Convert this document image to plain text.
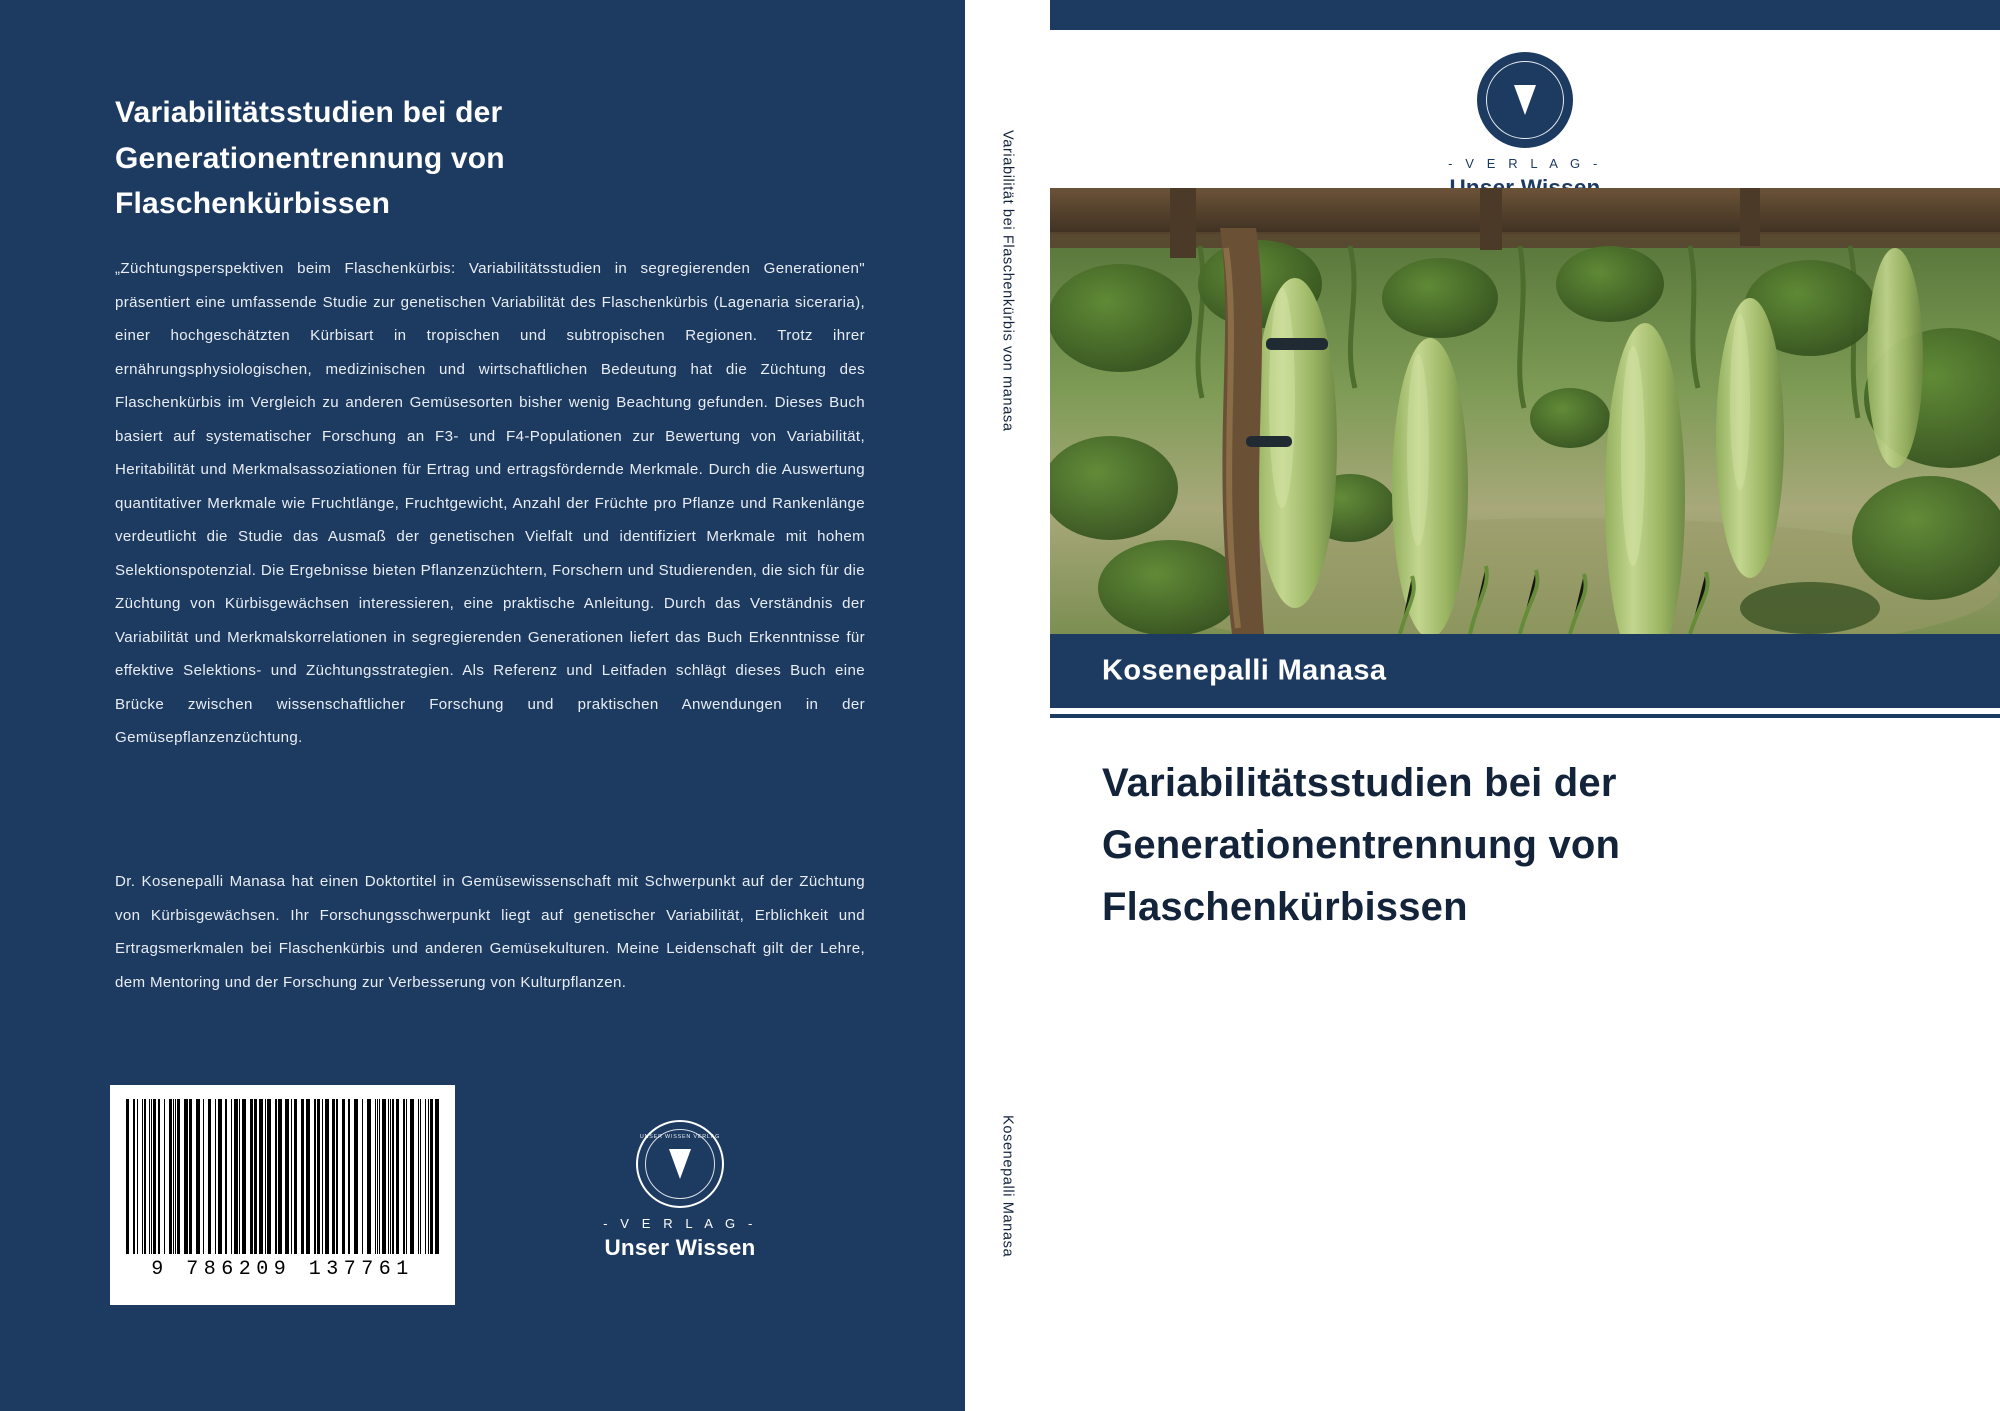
Variabilitätsstudien bei der Generationentrennung von Flaschenkürbissen
„Züchtungsperspektiven beim Flaschenkürbis: Variabilitätsstudien in segregierenden Generationen" präsentiert eine umfassende Studie zur genetischen Variabilität des Flaschenkürbis (Lagenaria siceraria), einer hochgeschätzten Kürbisart in tropischen und subtropischen Regionen. Trotz ihrer ernährungsphysiologischen, medizinischen und wirtschaftlichen Bedeutung hat die Züchtung des Flaschenkürbis im Vergleich zu anderen Gemüsesorten bisher wenig Beachtung gefunden. Dieses Buch basiert auf systematischer Forschung an F3- und F4-Populationen zur Bewertung von Variabilität, Heritabilität und Merkmalsassoziationen für Ertrag und ertragsfördernde Merkmale. Durch die Auswertung quantitativer Merkmale wie Fruchtlänge, Fruchtgewicht, Anzahl der Früchte pro Pflanze und Rankenlänge verdeutlicht die Studie das Ausmaß der genetischen Vielfalt und identifiziert Merkmale mit hohem Selektionspotenzial. Die Ergebnisse bieten Pflanzenzüchtern, Forschern und Studierenden, die sich für die Züchtung von Kürbisgewächsen interessieren, eine praktische Anleitung. Durch das Verständnis der Variabilität und Merkmalskorrelationen in segregierenden Generationen liefert das Buch Erkenntnisse für effektive Selektions- und Züchtungsstrategien. Als Referenz und Leitfaden schlägt dieses Buch eine Brücke zwischen wissenschaftlicher Forschung und praktischen Anwendungen in der Gemüsepflanzenzüchtung.
Dr. Kosenepalli Manasa hat einen Doktortitel in Gemüsewissenschaft mit Schwerpunkt auf der Züchtung von Kürbisgewächsen. Ihr Forschungsschwerpunkt liegt auf genetischer Variabilität, Erblichkeit und Ertragsmerkmalen bei Flaschenkürbis und anderen Gemüsekulturen. Meine Leidenschaft gilt der Lehre, dem Mentoring und der Forschung zur Verbesserung von Kulturpflanzen.
9 786209 137761
UNSER WISSEN VERLAG
- V E R L A G -
Unser Wissen
Variabilität bei Flaschenkürbis von manasa
Kosenepalli Manasa
- V E R L A G -
Kosenepalli Manasa
Variabilitätsstudien bei der Generationentrennung von Flaschenkürbissen
